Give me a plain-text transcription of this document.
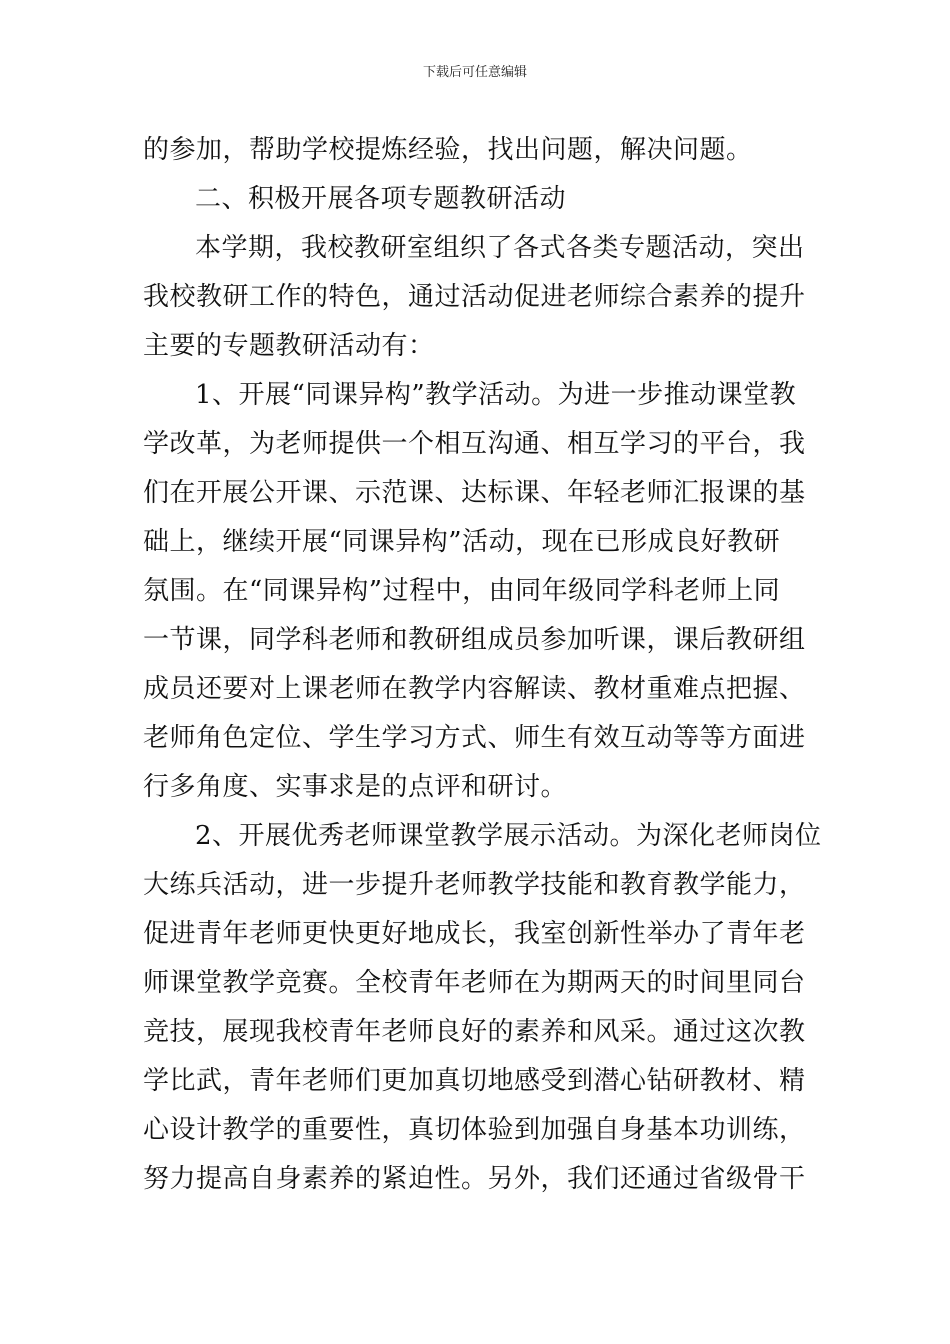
下载后可任意编辑
的参加，帮助学校提炼经验，找出问题，解决问题。
二、积极开展各项专题教研活动
本学期，我校教研室组织了各式各类专题活动，突出
我校教研工作的特色，通过活动促进老师综合素养的提升
主要的专题教研活动有：
1、开展“同课异构”教学活动。为进一步推动课堂教
学改革，为老师提供一个相互沟通、相互学习的平台，我
们在开展公开课、示范课、达标课、年轻老师汇报课的基
础上，继续开展“同课异构”活动，现在已形成良好教研
氛围。在“同课异构”过程中，由同年级同学科老师上同
一节课，同学科老师和教研组成员参加听课，课后教研组
成员还要对上课老师在教学内容解读、教材重难点把握、
老师角色定位、学生学习方式、师生有效互动等等方面进
行多角度、实事求是的点评和研讨。
2、开展优秀老师课堂教学展示活动。为深化老师岗位
大练兵活动，进一步提升老师教学技能和教育教学能力，
促进青年老师更快更好地成长，我室创新性举办了青年老
师课堂教学竞赛。全校青年老师在为期两天的时间里同台
竞技，展现我校青年老师良好的素养和风采。通过这次教
学比武，青年老师们更加真切地感受到潜心钻研教材、精
心设计教学的重要性，真切体验到加强自身基本功训练，
努力提高自身素养的紧迫性。另外，我们还通过省级骨干
